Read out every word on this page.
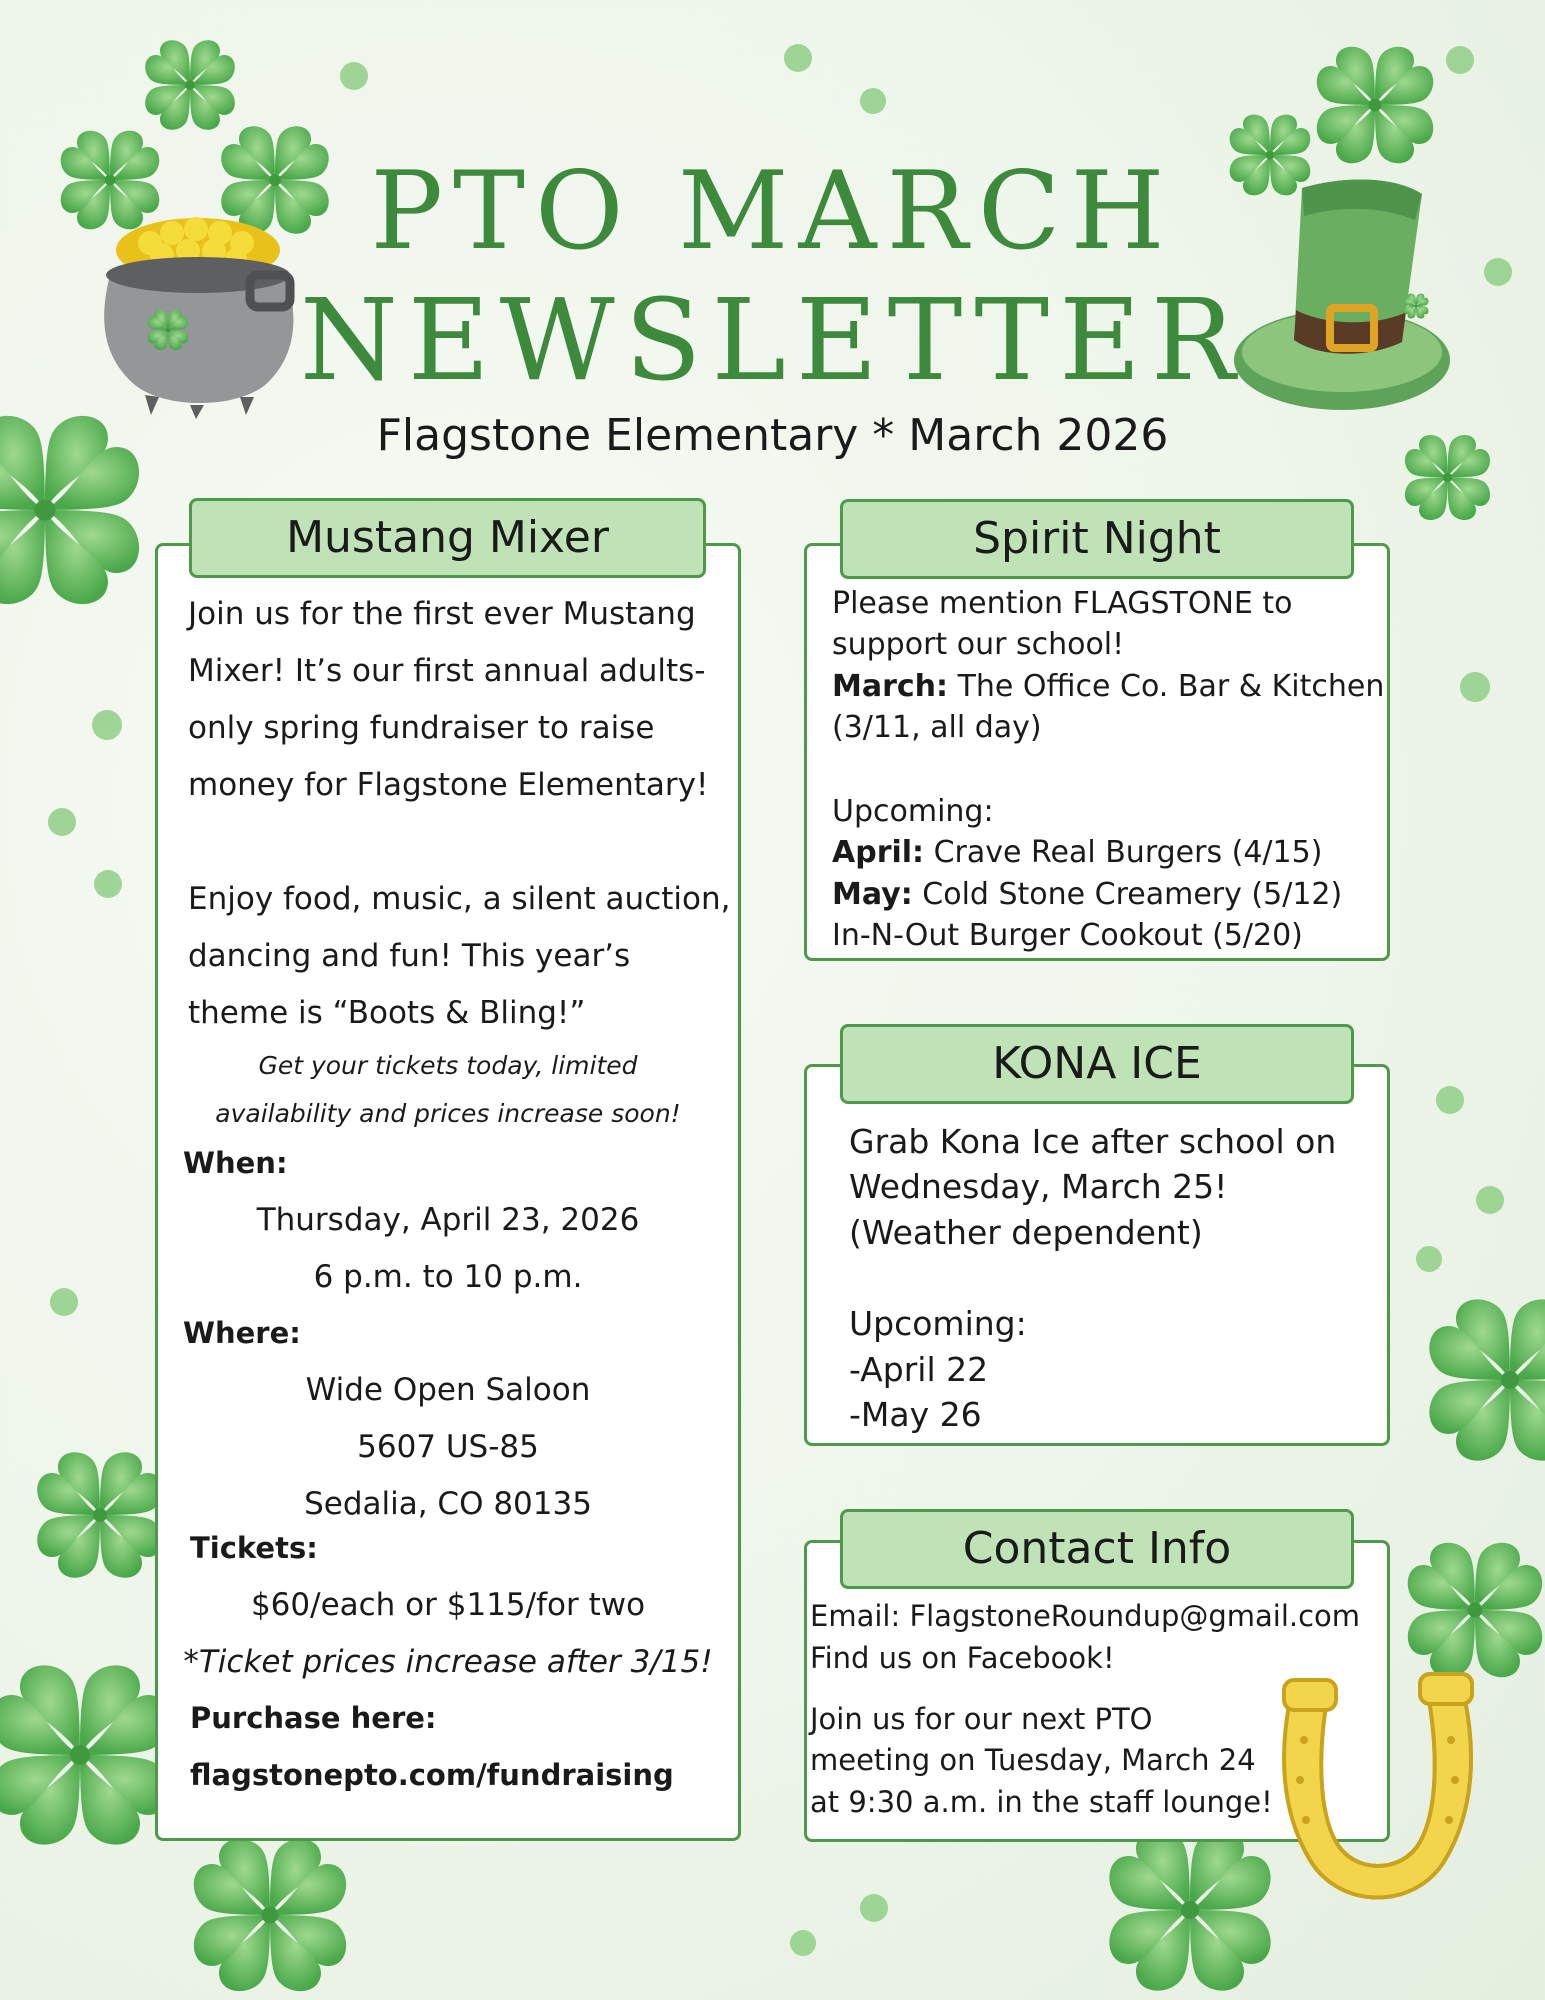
PTO MARCH
NEWSLETTER
Flagstone Elementary * March 2026
Join us for the first ever Mustang
Mixer! It’s our first annual adults-
only spring fundraiser to raise
money for Flagstone Elementary!
Enjoy food, music, a silent auction,
dancing and fun! This year’s
theme is “Boots & Bling!”
Get your tickets today, limited
availability and prices increase soon!
When:
Thursday, April 23, 2026
6 p.m. to 10 p.m.
Where:
Wide Open Saloon
5607 US-85
Sedalia, CO 80135
Tickets:
$60/each or $115/for two
*Ticket prices increase after 3/15!
Purchase here:
flagstonepto.com/fundraising
Mustang Mixer
Please mention FLAGSTONE to
support our school!
March: The Office Co. Bar & Kitchen
(3/11, all day)
Upcoming:
April: Crave Real Burgers (4/15)
May: Cold Stone Creamery (5/12)
In-N-Out Burger Cookout (5/20)
Spirit Night
Grab Kona Ice after school on
Wednesday, March 25!
(Weather dependent)
Upcoming:
-April 22
-May 26
KONA ICE
Email: FlagstoneRoundup@gmail.com
Find us on Facebook!
Join us for our next PTO
meeting on Tuesday, March 24
at 9:30 a.m. in the staff lounge!
Contact Info
